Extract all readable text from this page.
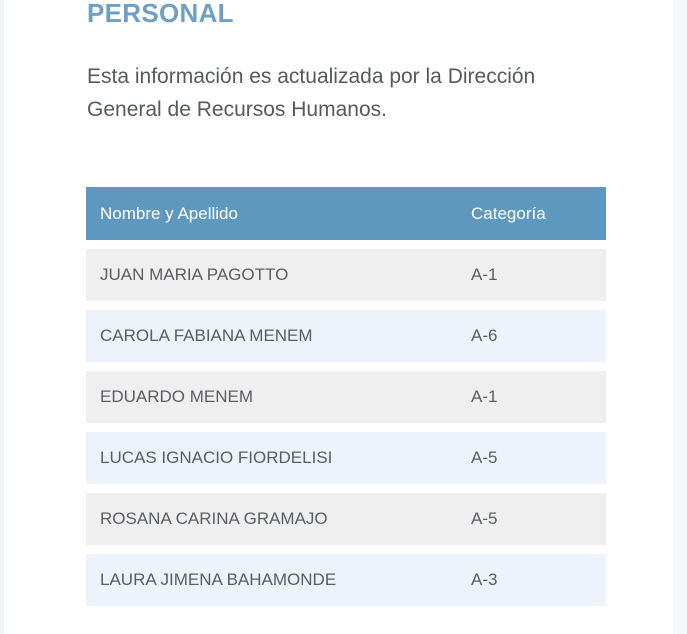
PERSONAL
Esta información es actualizada por la Dirección General de Recursos Humanos.
Nombre y Apellido	Categoría
JUAN MARIA PAGOTTO	A-1
CAROLA FABIANA MENEM	A-6
EDUARDO MENEM	A-1
LUCAS IGNACIO FIORDELISI	A-5
ROSANA CARINA GRAMAJO	A-5
LAURA JIMENA BAHAMONDE	A-3
